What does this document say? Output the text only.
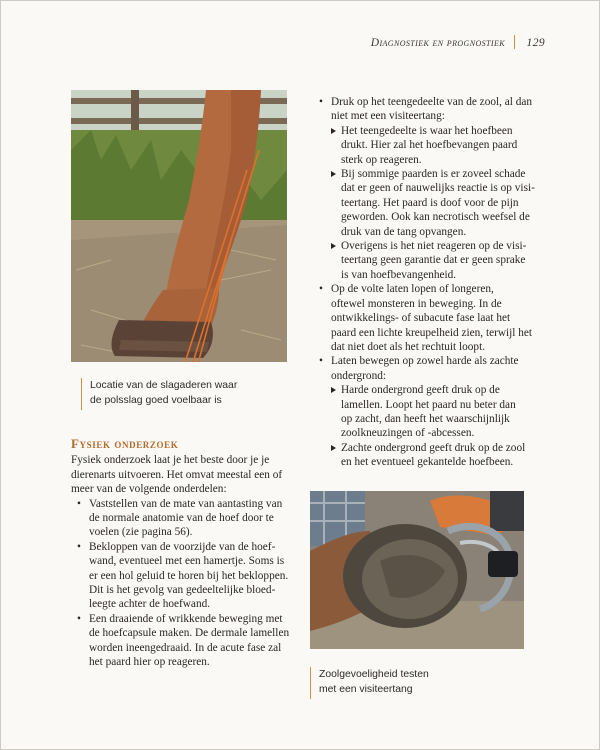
Diagnostiek en prognostiek 129
Locatie van de slagaderen waar
de polsslag goed voelbaar is
Fysiek onderzoek
Fysiek onderzoek laat je het beste door je je
dierenarts uitvoeren. Het omvat meestal een of
meer van de volgende onderdelen:
• Vaststellen van de mate van aantasting van
de normale anatomie van de hoef door te
voelen (zie pagina 56).
• Bekloppen van de voorzijde van de hoef-
wand, eventueel met een hamertje. Soms is
er een hol geluid te horen bij het bekloppen.
Dit is het gevolg van gedeeltelijke bloed-
leegte achter de hoefwand.
• Een draaiende of wrikkende beweging met
de hoefcapsule maken. De dermale lamellen
worden ineengedraaid. In de acute fase zal
het paard hier op reageren.
• Druk op het teengedeelte van de zool, al dan
niet met een visiteertang:
Het teengedeelte is waar het hoefbeen
drukt. Hier zal het hoefbevangen paard
sterk op reageren.
Bij sommige paarden is er zoveel schade
dat er geen of nauwelijks reactie is op visi-
teertang. Het paard is doof voor de pijn
geworden. Ook kan necrotisch weefsel de
druk van de tang opvangen.
Overigens is het niet reageren op de visi-
teertang geen garantie dat er geen sprake
is van hoefbevangenheid.
• Op de volte laten lopen of longeren,
oftewel monsteren in beweging. In de
ontwikkelings- of subacute fase laat het
paard een lichte kreupelheid zien, terwijl het
dat niet doet als het rechtuit loopt.
• Laten bewegen op zowel harde als zachte
ondergrond:
Harde ondergrond geeft druk op de
lamellen. Loopt het paard nu beter dan
op zacht, dan heeft het waarschijnlijk
zoolkneuzingen of -abcessen.
Zachte ondergrond geeft druk op de zool
en het eventueel gekantelde hoefbeen.
Zoolgevoeligheid testen
met een visiteertang
